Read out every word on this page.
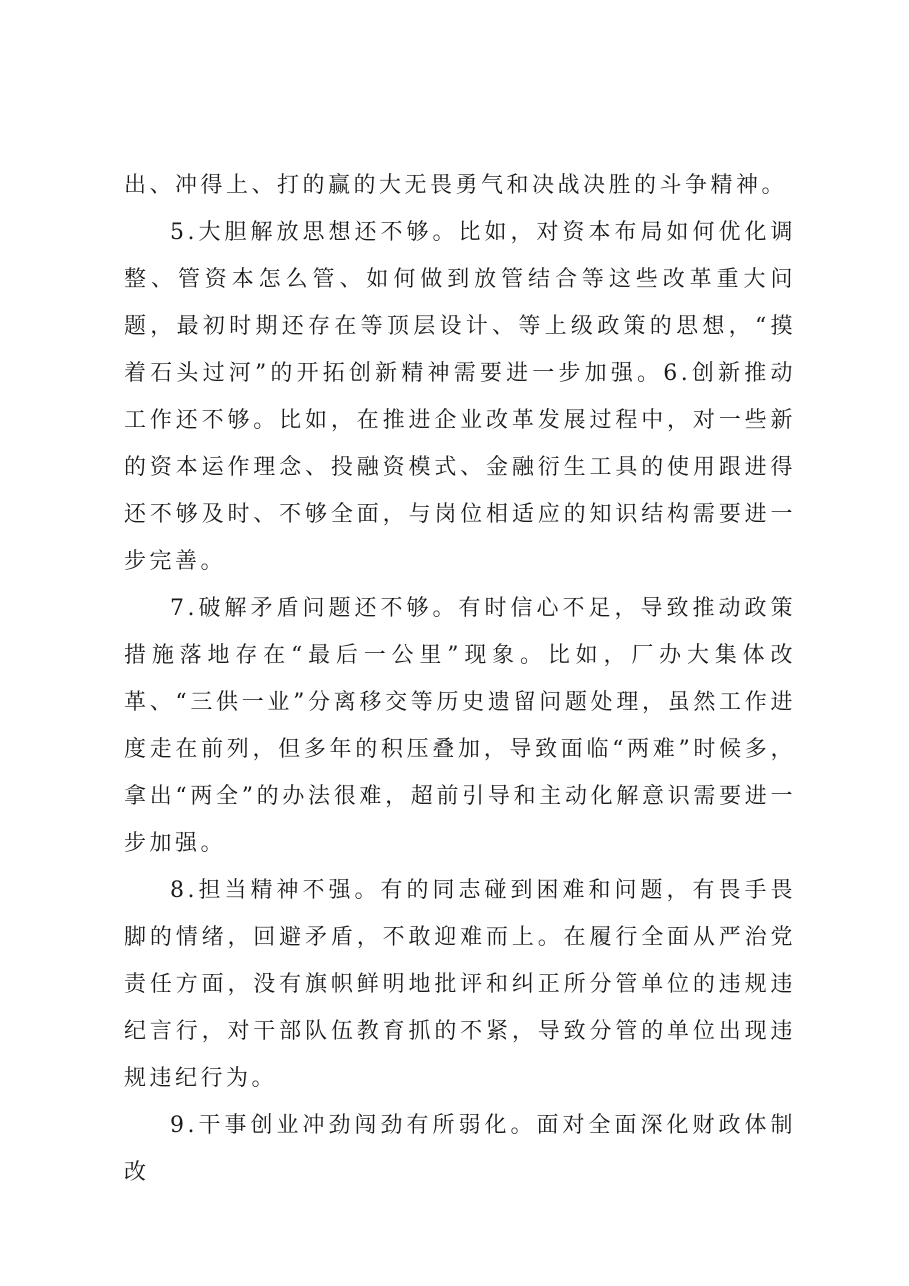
出、冲得上、打的赢的大无畏勇气和决战决胜的斗争精神。

5.大胆解放思想还不够。比如，对资本布局如何优化调整、管资本怎么管、如何做到放管结合等这些改革重大问题，最初时期还存在等顶层设计、等上级政策的思想，“摸着石头过河”的开拓创新精神需要进一步加强。6.创新推动工作还不够。比如，在推进企业改革发展过程中，对一些新的资本运作理念、投融资模式、金融衍生工具的使用跟进得还不够及时、不够全面，与岗位相适应的知识结构需要进一步完善。

7.破解矛盾问题还不够。有时信心不足，导致推动政策措施落地存在“最后一公里”现象。比如，厂办大集体改革、“三供一业”分离移交等历史遗留问题处理，虽然工作进度走在前列，但多年的积压叠加，导致面临“两难”时候多，拿出“两全”的办法很难，超前引导和主动化解意识需要进一步加强。

8.担当精神不强。有的同志碰到困难和问题，有畏手畏脚的情绪，回避矛盾，不敢迎难而上。在履行全面从严治党责任方面，没有旗帜鲜明地批评和纠正所分管单位的违规违纪言行，对干部队伍教育抓的不紧，导致分管的单位出现违规违纪行为。

9.干事创业冲劲闯劲有所弱化。面对全面深化财政体制改
